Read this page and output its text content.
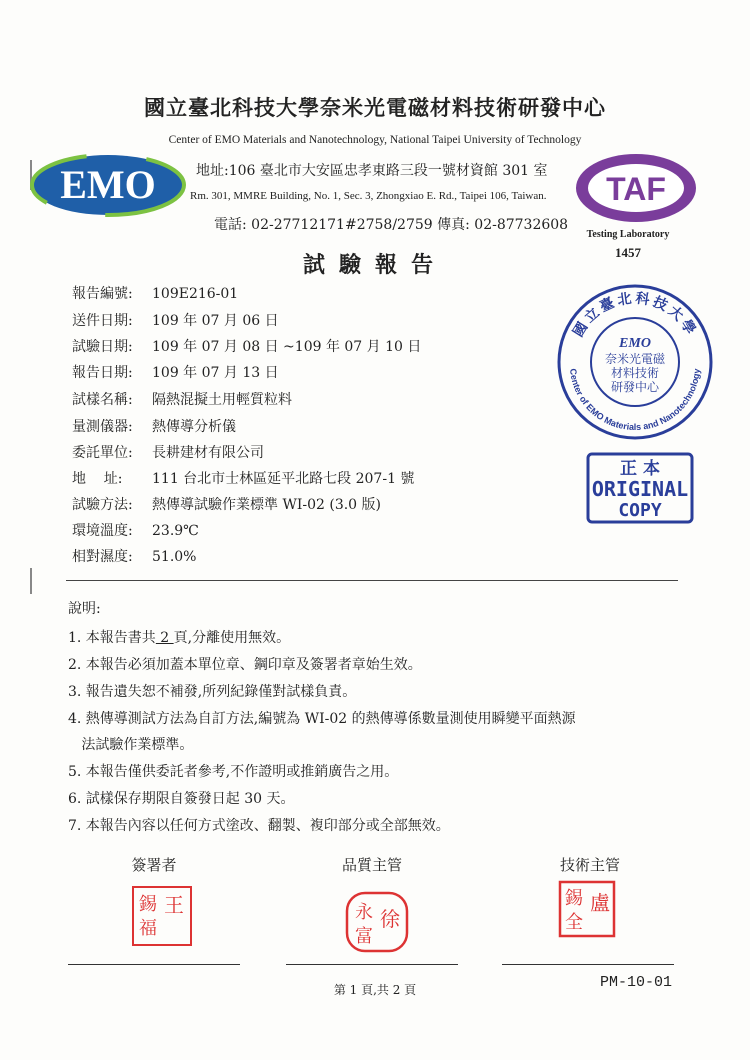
國立臺北科技大學奈米光電磁材料技術研發中心
Center of EMO Materials and Nanotechnology, National Taipei University of Technology
EMO	地址:106 臺北市大安區忠孝東路三段一號材資館 301 室
Rm. 301, MMRE Building, No. 1, Sec. 3, Zhongxiao E. Rd., Taipei 106, Taiwan.
電話: 02-27712171#2758/2759 傳真: 02-87732608
TAF
Testing Laboratory
1457
試驗報告
報告編號: 109E216-01
送件日期: 109 年 07 月 06 日
試驗日期: 109 年 07 月 08 日 ~109 年 07 月 10 日
報告日期: 109 年 07 月 13 日
試樣名稱: 隔熱混擬土用輕質粒料
量測儀器: 熱傳導分析儀
委託單位: 長耕建材有限公司
地    址: 111 台北市士林區延平北路七段 207-1 號
試驗方法: 熱傳導試驗作業標準 WI-02 (3.0 版)
環境溫度: 23.9℃
相對濕度: 51.0%
國立臺北科技大學
Center of EMO Materials and Nanotechnology
EMO
奈米光電磁
材料技術
研發中心
正 本
ORIGINAL
COPY
說明:
1. 本報告書共 2 頁,分離使用無效。
2. 本報告必須加蓋本單位章、鋼印章及簽署者章始生效。
3. 報告遺失恕不補發,所列紀錄僅對試樣負責。
4. 熱傳導測試方法為自訂方法,編號為 WI-02 的熱傳導係數量測使用瞬變平面熱源
法試驗作業標準。
5. 本報告僅供委託者參考,不作證明或推銷廣告之用。
6. 試樣保存期限自簽發日起 30 天。
7. 本報告內容以任何方式塗改、翻製、複印部分或全部無效。
簽署者	品質主管	技術主管
錫 王
福
永 徐
富
錫 盧
全
第 1 頁,共 2 頁	PM-10-01
